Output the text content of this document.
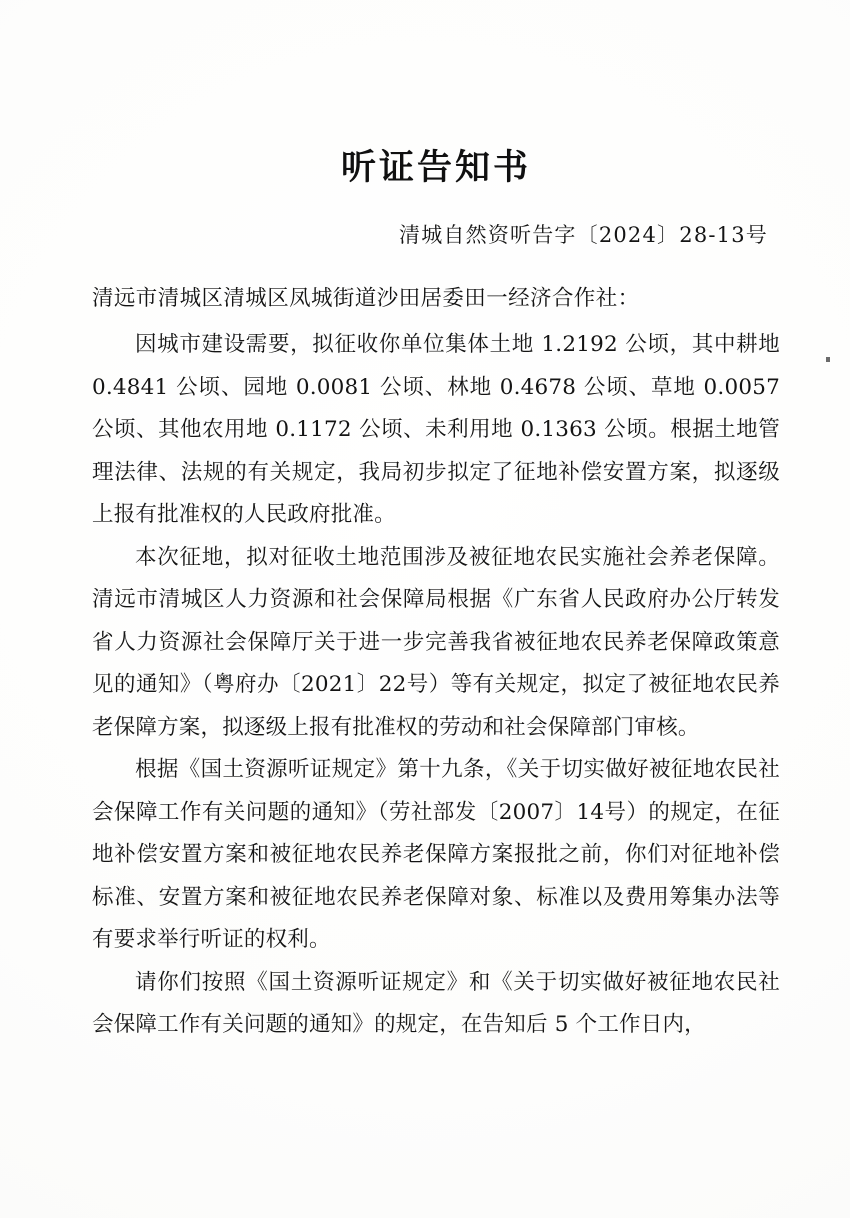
听证告知书
清城自然资听告字〔2024〕28-13号

清远市清城区清城区凤城街道沙田居委田一经济合作社：

因城市建设需要，拟征收你单位集体土地 1.2192 公顷，其中耕地 0.4841 公顷、园地 0.0081 公顷、林地 0.4678 公顷、草地 0.0057 公顷、其他农用地 0.1172 公顷、未利用地 0.1363 公顷。根据土地管理法律、法规的有关规定，我局初步拟定了征地补偿安置方案，拟逐级上报有批准权的人民政府批准。

本次征地，拟对征收土地范围涉及被征地农民实施社会养老保障。清远市清城区人力资源和社会保障局根据《广东省人民政府办公厅转发省人力资源社会保障厅关于进一步完善我省被征地农民养老保障政策意见的通知》（粤府办〔2021〕22号）等有关规定，拟定了被征地农民养老保障方案，拟逐级上报有批准权的劳动和社会保障部门审核。

根据《国土资源听证规定》第十九条，《关于切实做好被征地农民社会保障工作有关问题的通知》（劳社部发〔2007〕14号）的规定，在征地补偿安置方案和被征地农民养老保障方案报批之前，你们对征地补偿标准、安置方案和被征地农民养老保障对象、标准以及费用筹集办法等有要求举行听证的权利。

请你们按照《国土资源听证规定》和《关于切实做好被征地农民社会保障工作有关问题的通知》的规定，在告知后 5 个工作日内，
